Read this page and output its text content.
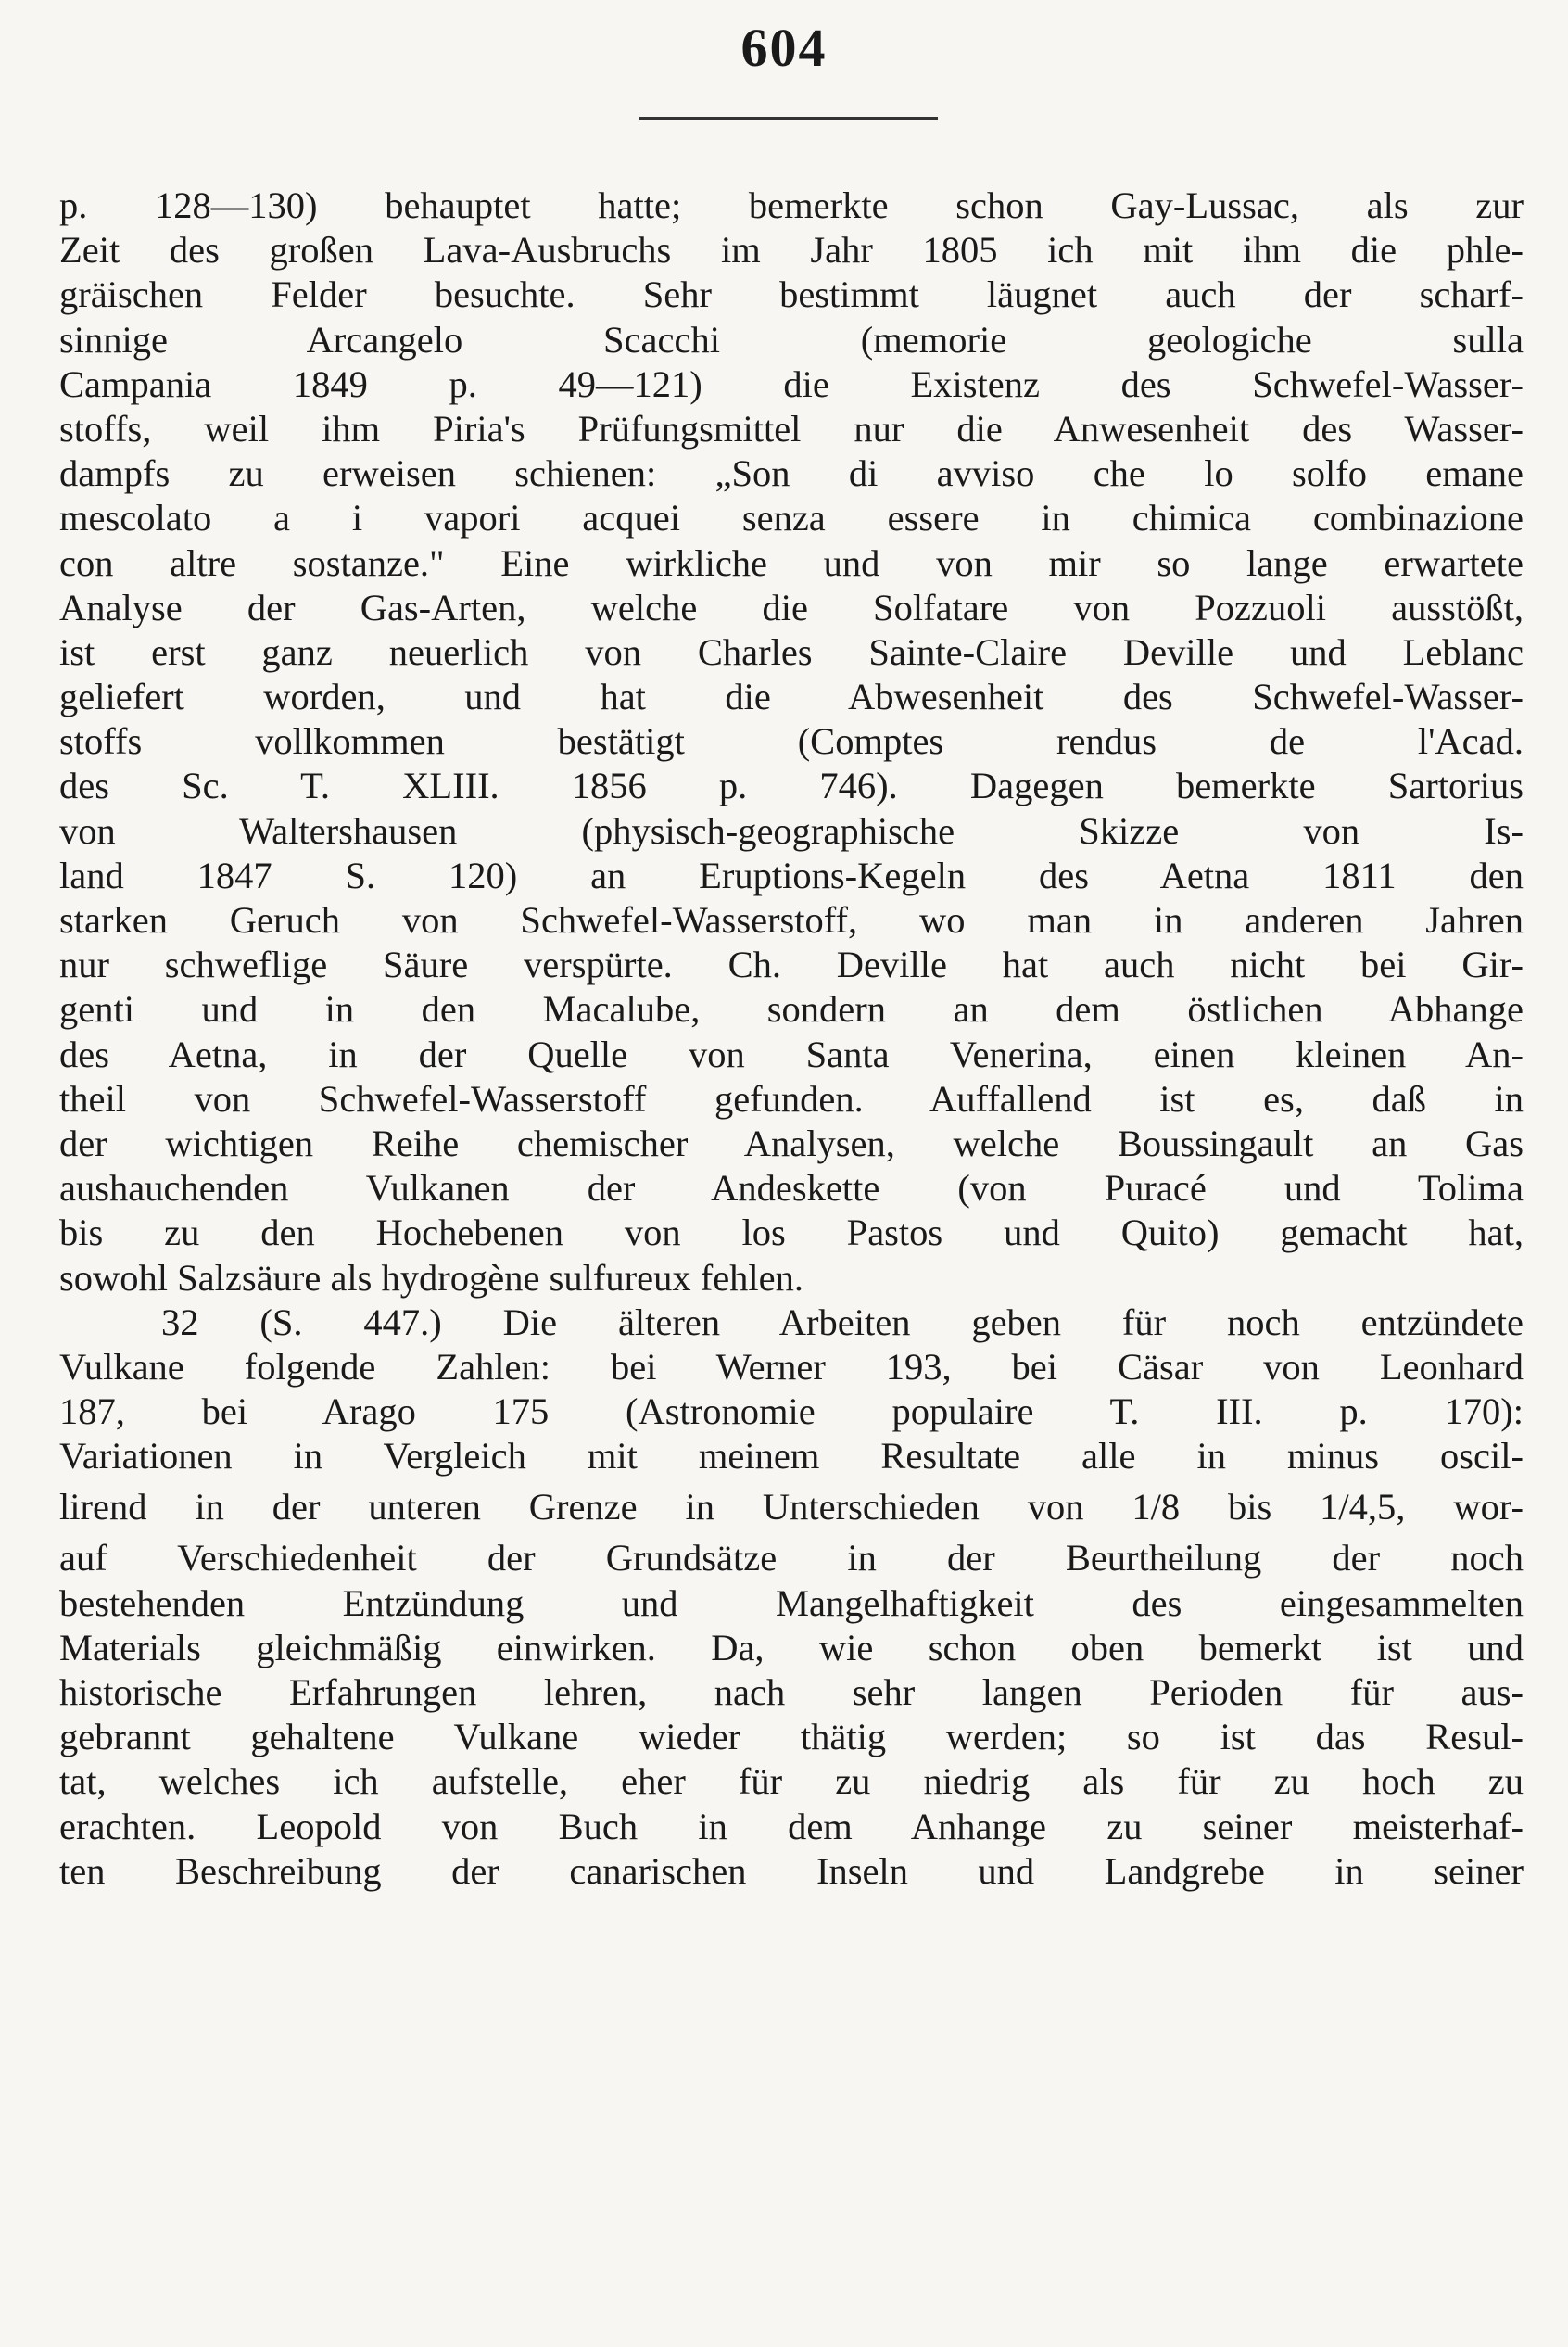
604
p. 128—130) behauptet hatte; bemerkte schon Gay-Lussac, als zur
Zeit des großen Lava-Ausbruchs im Jahr 1805 ich mit ihm die phle-
gräischen Felder besuchte. Sehr bestimmt läugnet auch der scharf-
sinnige Arcangelo Scacchi (memorie geologiche sulla
Campania 1849 p. 49—121) die Existenz des Schwefel-Wasser-
stoffs, weil ihm Piria's Prüfungsmittel nur die Anwesenheit des Wasser-
dampfs zu erweisen schienen: „Son di avviso che lo solfo emane
mescolato a i vapori acquei senza essere in chimica combinazione
con altre sostanze." Eine wirkliche und von mir so lange erwartete
Analyse der Gas-Arten, welche die Solfatare von Pozzuoli ausstößt,
ist erst ganz neuerlich von Charles Sainte-Claire Deville und Leblanc
geliefert worden, und hat die Abwesenheit des Schwefel-Wasser-
stoffs vollkommen bestätigt (Comptes rendus de l'Acad.
des Sc. T. XLIII. 1856 p. 746). Dagegen bemerkte Sartorius
von Waltershausen (physisch-geographische Skizze von Is-
land 1847 S. 120) an Eruptions-Kegeln des Aetna 1811 den
starken Geruch von Schwefel-Wasserstoff, wo man in anderen Jahren
nur schweflige Säure verspürte. Ch. Deville hat auch nicht bei Gir-
genti und in den Macalube, sondern an dem östlichen Abhange
des Aetna, in der Quelle von Santa Venerina, einen kleinen An-
theil von Schwefel-Wasserstoff gefunden. Auffallend ist es, daß in
der wichtigen Reihe chemischer Analysen, welche Boussingault an Gas
aushauchenden Vulkanen der Andeskette (von Puracé und Tolima
bis zu den Hochebenen von los Pastos und Quito) gemacht hat,
sowohl Salzsäure als hydrogène sulfureux fehlen.
32 (S. 447.) Die älteren Arbeiten geben für noch entzündete
Vulkane folgende Zahlen: bei Werner 193, bei Cäsar von Leonhard
187, bei Arago 175 (Astronomie populaire T. III. p. 170):
Variationen in Vergleich mit meinem Resultate alle in minus oscil-
lirend in der unteren Grenze in Unterschieden von 1/8 bis 1/4,5, wor-
auf Verschiedenheit der Grundsätze in der Beurtheilung der noch
bestehenden Entzündung und Mangelhaftigkeit des eingesammelten
Materials gleichmäßig einwirken. Da, wie schon oben bemerkt ist und
historische Erfahrungen lehren, nach sehr langen Perioden für aus-
gebrannt gehaltene Vulkane wieder thätig werden; so ist das Resul-
tat, welches ich aufstelle, eher für zu niedrig als für zu hoch zu
erachten. Leopold von Buch in dem Anhange zu seiner meisterhaf-
ten Beschreibung der canarischen Inseln und Landgrebe in seiner
